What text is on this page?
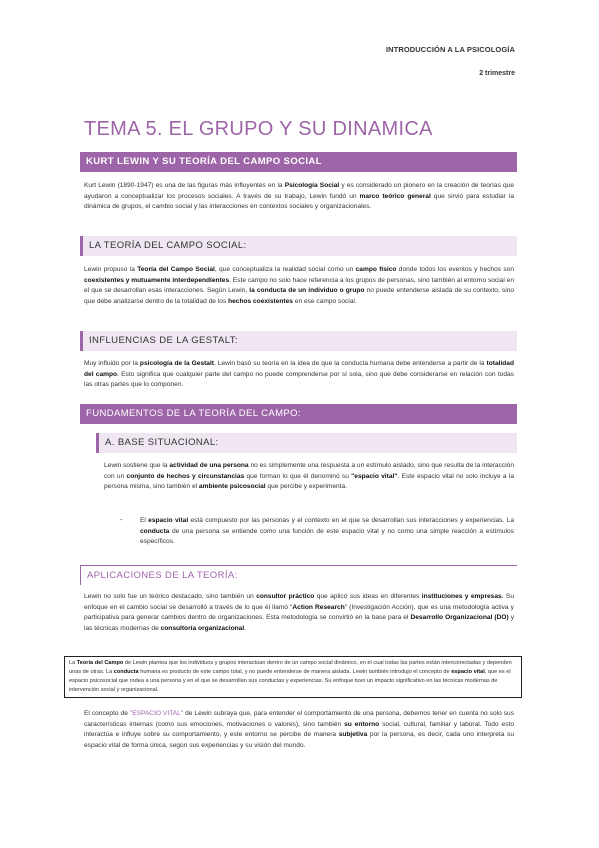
INTRODUCCIÓN A LA PSICOLOGÍA
2 trimestre
TEMA 5. EL GRUPO Y SU DINAMICA
KURT LEWIN Y SU TEORÍA DEL CAMPO SOCIAL

Kurt Lewin (1890-1947) es una de las figuras más influyentes en la Psicología Social y es considerado un pionero en la creación de teorías que ayudaron a conceptualizar los procesos sociales. A través de su trabajo, Lewin fundó un marco teórico general que sirvió para estudiar la dinámica de grupos, el cambio social y las interacciones en contextos sociales y organizacionales.

LA TEORÍA DEL CAMPO SOCIAL:

Lewin propuso la Teoría del Campo Social, que conceptualiza la realidad social como un campo físico donde todos los eventos y hechos son coexistentes y mutuamente interdependientes. Este campo no solo hace referencia a los grupos de personas, sino también al entorno social en el que se desarrollan esas interacciones. Según Lewin, la conducta de un individuo o grupo no puede entenderse aislada de su contexto, sino que debe analizarse dentro de la totalidad de los hechos coexistentes en ese campo social.

INFLUENCIAS DE LA GESTALT:

Muy influido por la psicología de la Gestalt, Lewin basó su teoría en la idea de que la conducta humana debe entenderse a partir de la totalidad del campo. Esto significa que cualquier parte del campo no puede comprenderse por sí sola, sino que debe considerarse en relación con todas las otras partes que lo componen.

FUNDAMENTOS DE LA TEORÍA DEL CAMPO:
A. BASE SITUACIONAL:

Lewin sostiene que la actividad de una persona no es simplemente una respuesta a un estímulo aislado, sino que resulta de la interacción con un conjunto de hechos y circunstancias que forman lo que él denominó su "espacio vital". Este espacio vital no solo incluye a la persona misma, sino también el ambiente psicosocial que percibe y experimenta.

-	El espacio vital está compuesto por las personas y el contexto en el que se desarrollan sus interacciones y experiencias. La conducta de una persona se entiende como una función de este espacio vital y no como una simple reacción a estímulos específicos.

APLICACIONES DE LA TEORÍA:

Lewin no solo fue un teórico destacado, sino también un consultor práctico que aplicó sus ideas en diferentes instituciones y empresas. Su enfoque en el cambio social se desarrolló a través de lo que él llamó "Action Research" (Investigación Acción), que es una metodología activa y participativa para generar cambios dentro de organizaciones. Esta metodología se convirtió en la base para el Desarrollo Organizacional (DO) y las técnicas modernas de consultoría organizacional.

La Teoría del Campo de Lewin plantea que los individuos y grupos interactúan dentro de un campo social dinámico, en el cual todas las partes están interconectadas y dependen unas de otras. La conducta humana es producto de este campo total, y no puede entenderse de manera aislada. Lewin también introdujo el concepto de espacio vital, que es el espacio psicosocial que rodea a una persona y en el que se desarrollan sus conductas y experiencias. Su enfoque tuvo un impacto significativo en las técnicas modernas de intervención social y organizacional.

El concepto de "ESPACIO VITAL" de Lewin subraya que, para entender el comportamiento de una persona, debemos tener en cuenta no solo sus características internas (como sus emociones, motivaciones o valores), sino también su entorno social, cultural, familiar y laboral. Todo esto interactúa e influye sobre su comportamiento, y este entorno se percibe de manera subjetiva por la persona, es decir, cada uno interpreta su espacio vital de forma única, según sus experiencias y su visión del mundo.
